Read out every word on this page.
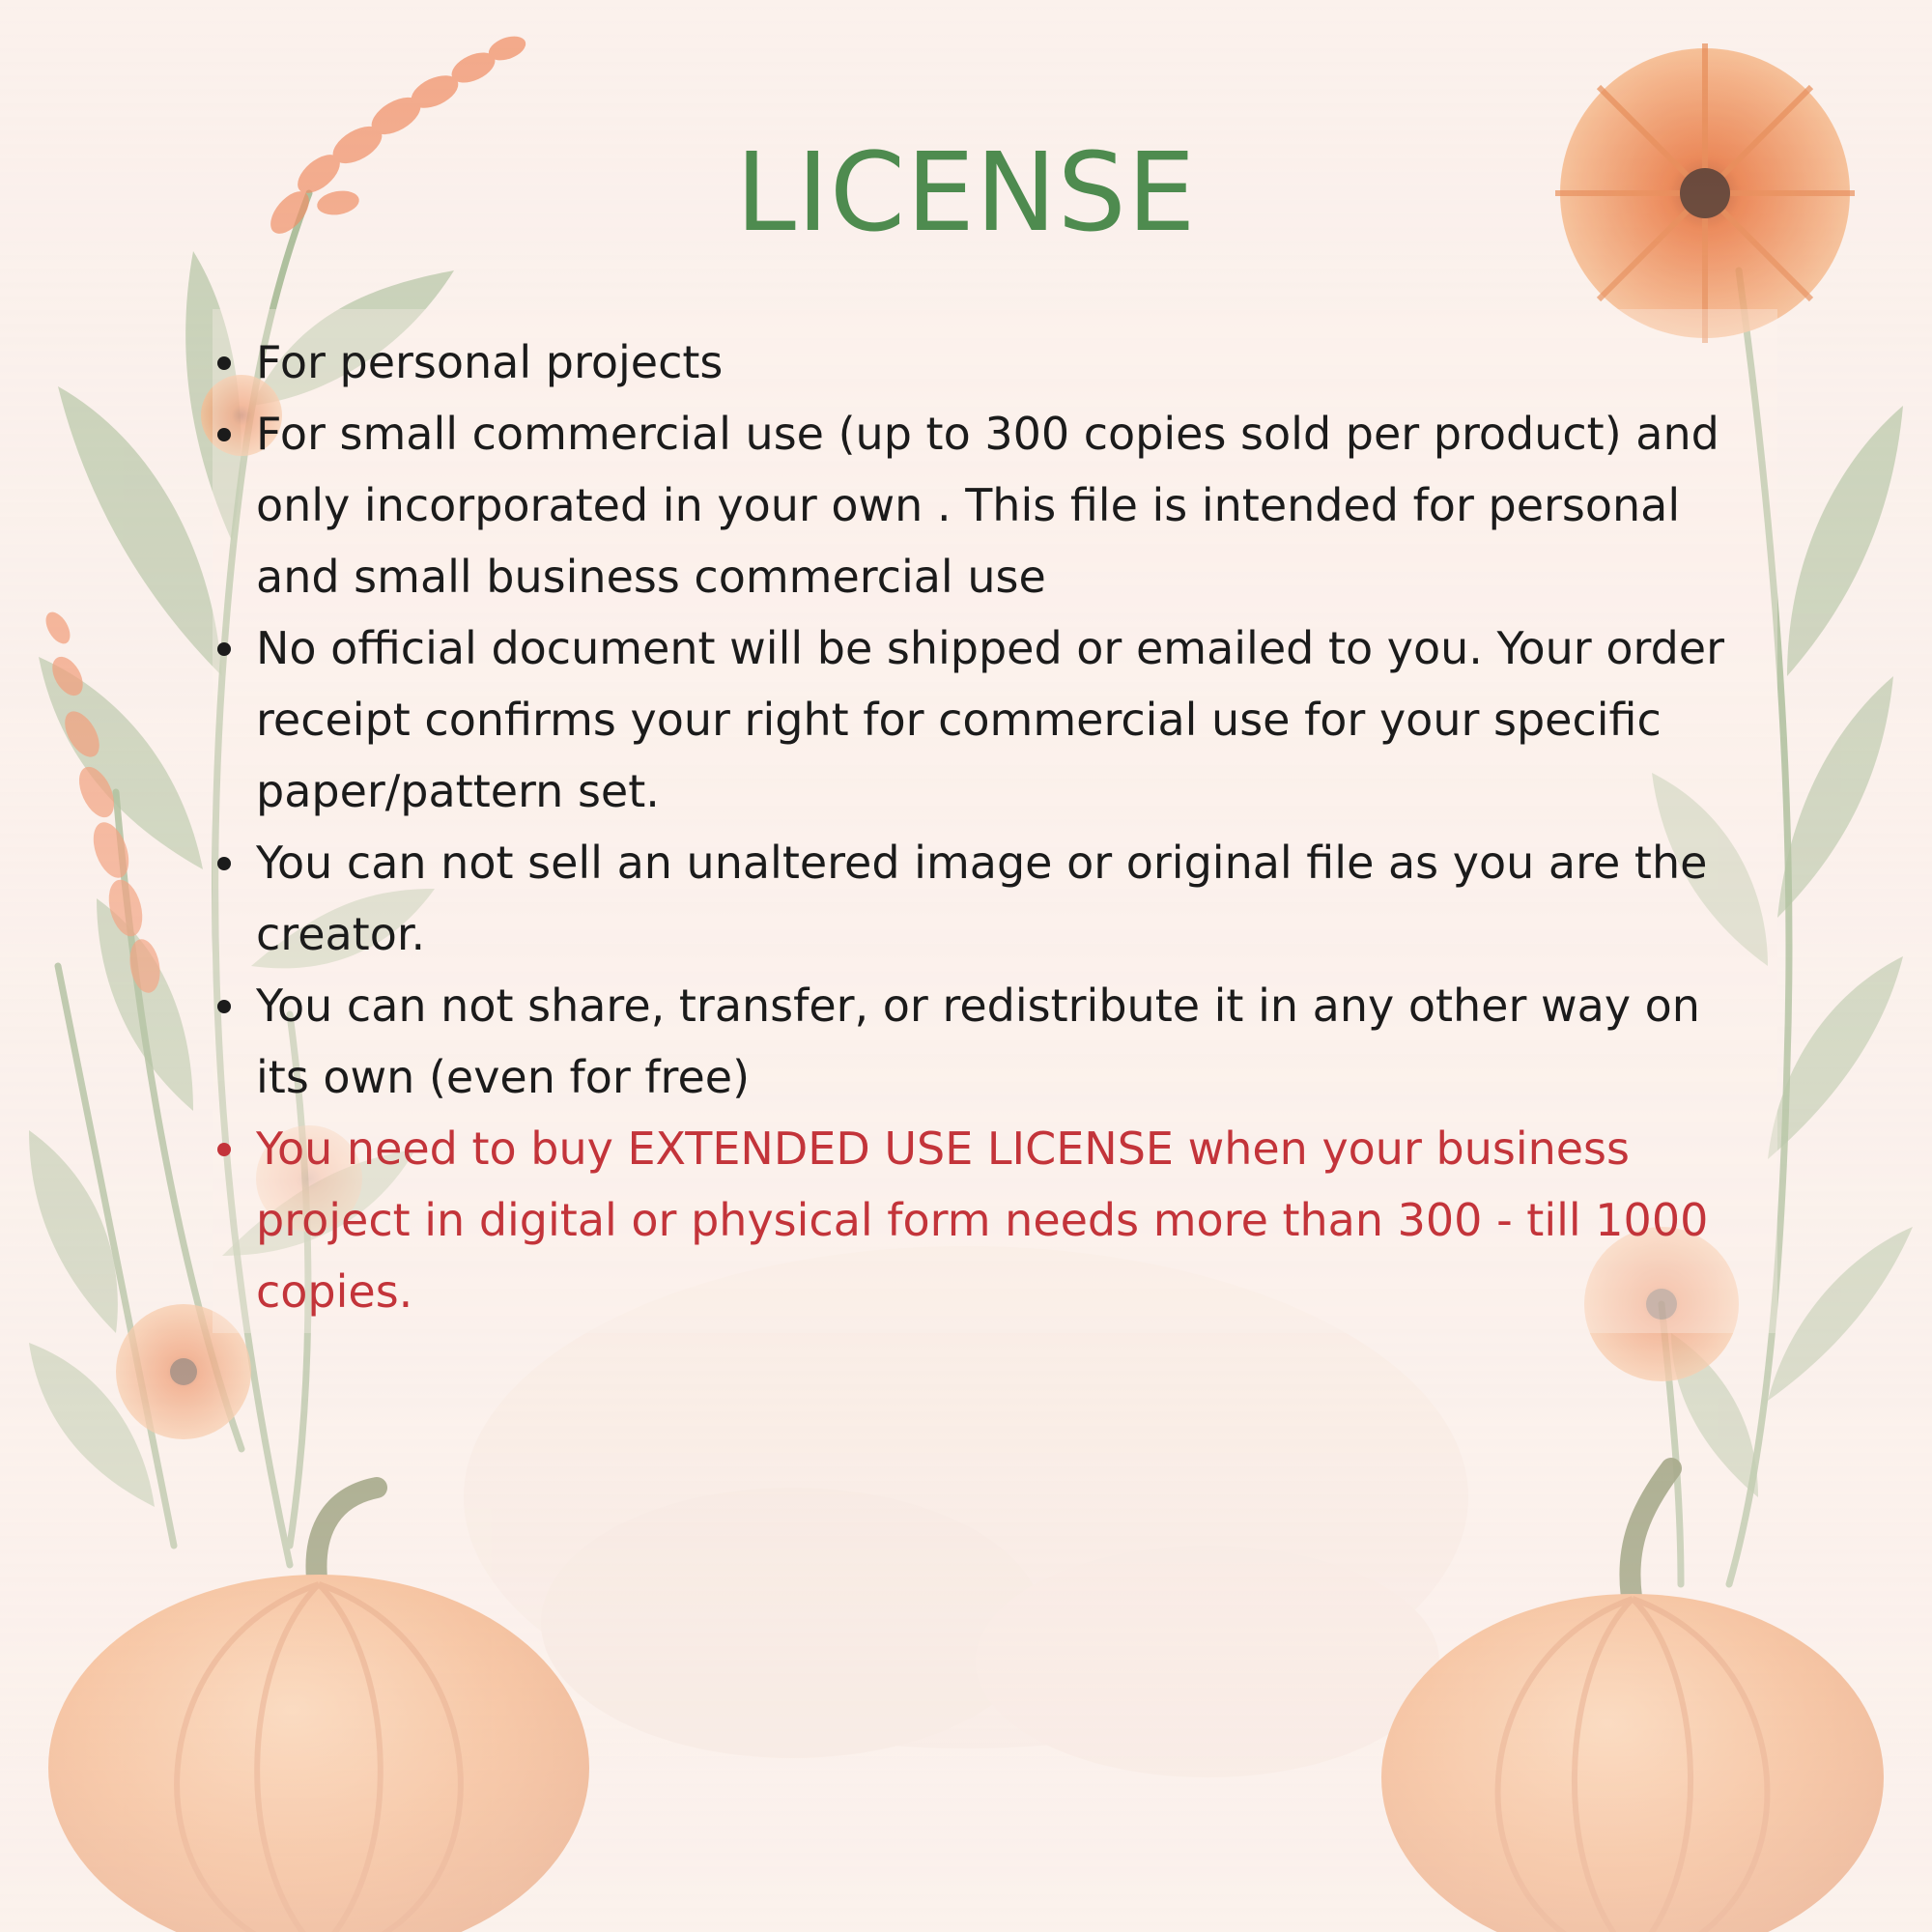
LICENSE
For personal projects
For small commercial use (up to 300 copies sold per product) and only incorporated in your own . This file is intended for personal and small business commercial use
No official document will be shipped or emailed to you. Your order receipt confirms your right for commercial use for your specific paper/pattern set.
You can not sell an unaltered image or original file as you are the creator.
You can not share, transfer, or redistribute it in any other way on its own (even for free)
You need to buy EXTENDED USE LICENSE when your business project in digital or physical form needs more than 300 - till 1000 copies.
